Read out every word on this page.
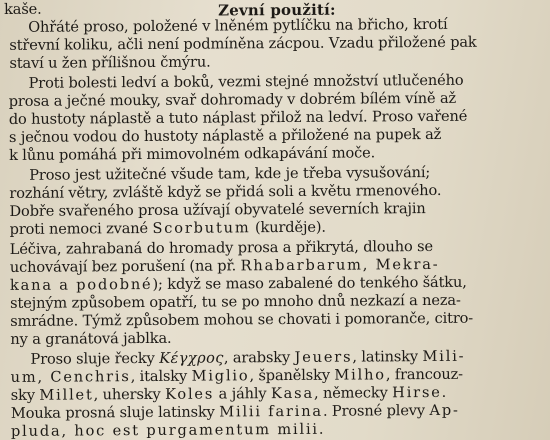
Zevní použití:
kaše.
Ohřáté proso, položené v lněném pytlíčku na břicho, krotí
střevní koliku, ačli není podmíněna zácpou. Vzadu přiložené pak
staví u žen přílišnou čmýru.
Proti bolesti ledví a boků, vezmi stejné množství utlučeného
prosa a ječné mouky, svař dohromady v dobrém bílém víně až
do hustoty náplastě a tuto náplast přilož na ledví. Proso vařené
s ječnou vodou do hustoty náplastě a přiložené na pupek až
k lůnu pomáhá při mimovolném odkapávání moče.
Proso jest užitečné všude tam, kde je třeba vysušování;
rozhání větry, zvláště když se přidá soli a květu rmenového.
Dobře svařeného prosa užívají obyvatelé severních krajin
proti nemoci zvané Scorbutum (kurděje).
Léčiva, zahrabaná do hromady prosa a přikrytá, dlouho se
uchovávají bez porušení (na př. Rhabarbarum, Mekra-
kana a podobné); když se maso zabalené do tenkého šátku,
stejným způsobem opatří, tu se po mnoho dnů nezkazí a neza-
smrádne. Týmž způsobem mohou se chovati i pomoranče, citro-
ny a granátová jablka.
Proso sluje řecky Κέγχρος, arabsky Jeuers, latinsky Mili-
um, Cenchris, italsky Miglio, španělsky Milho, francouz-
sky Millet, uhersky Koles a jáhly Kasa, německy Hirse.
Mouka prosná sluje latinsky Milii farina. Prosné plevy Ap-
pluda, hoc est purgamentum milii.
